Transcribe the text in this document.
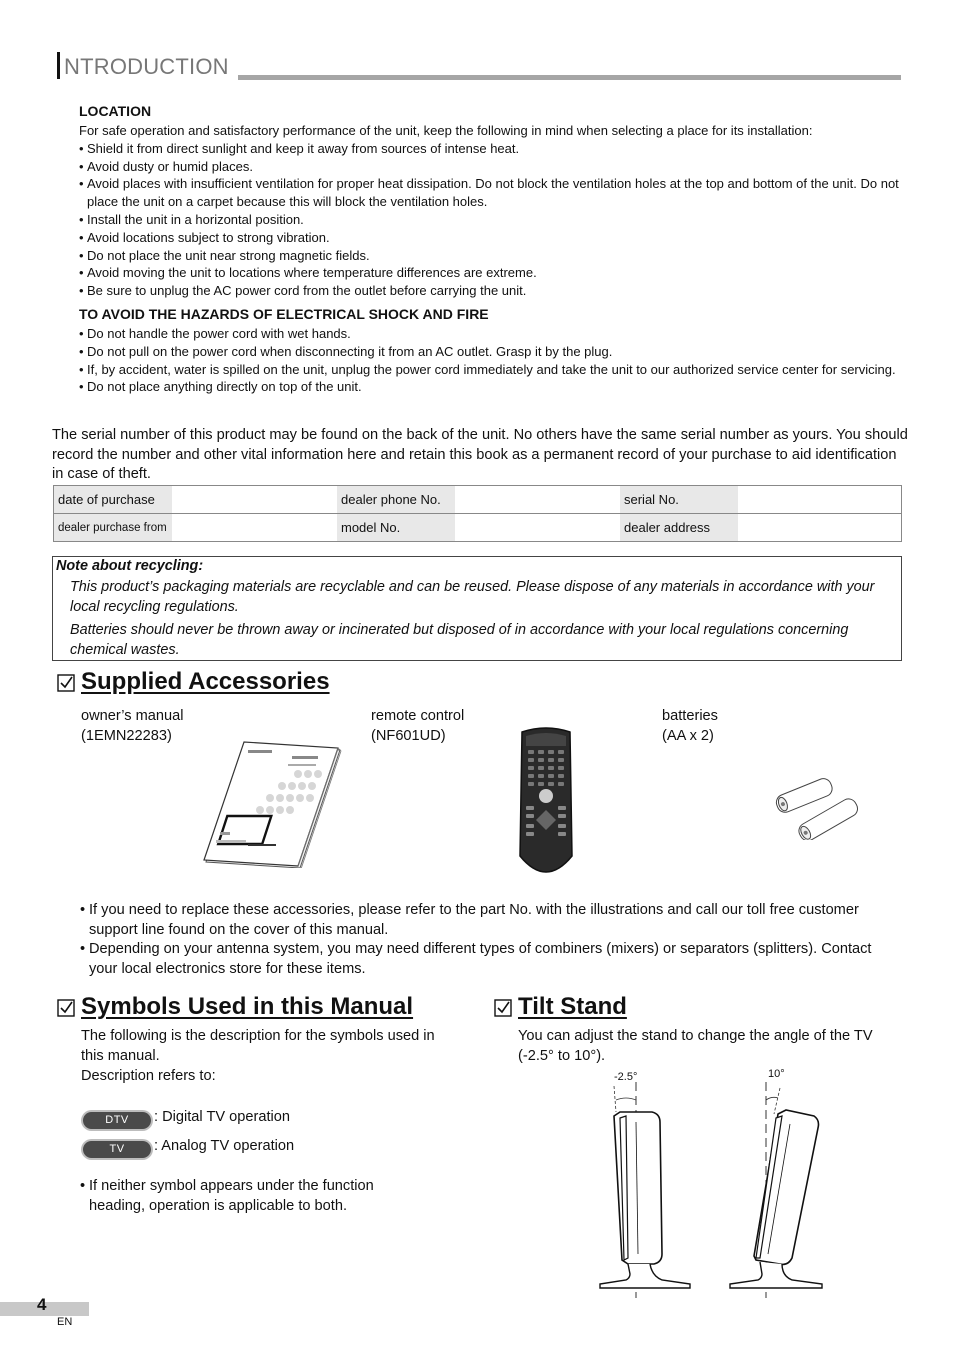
NTRODUCTION
LOCATION
For safe operation and satisfactory performance of the unit, keep the following in mind when selecting a place for its installation:
• Shield it from direct sunlight and keep it away from sources of intense heat.
• Avoid dusty or humid places.
• Avoid places with insufficient ventilation for proper heat dissipation. Do not block the ventilation holes at the top and bottom of the unit. Do not place the unit on a carpet because this will block the ventilation holes.
• Install the unit in a horizontal position.
• Avoid locations subject to strong vibration.
• Do not place the unit near strong magnetic fields.
• Avoid moving the unit to locations where temperature differences are extreme.
• Be sure to unplug the AC power cord from the outlet before carrying the unit.
TO AVOID THE HAZARDS OF ELECTRICAL SHOCK AND FIRE
• Do not handle the power cord with wet hands.
• Do not pull on the power cord when disconnecting it from an AC outlet. Grasp it by the plug.
• If, by accident, water is spilled on the unit, unplug the power cord immediately and take the unit to our authorized service center for servicing.
• Do not place anything directly on top of the unit.
The serial number of this product may be found on the back of the unit. No others have the same serial number as yours. You should record the number and other vital information here and retain this book as a permanent record of your purchase to aid identification in case of theft.
date of purchase		dealer phone No.		serial No.	
dealer purchase from		model No.		dealer address	
Note about recycling:

This product’s packaging materials are recyclable and can be reused. Please dispose of any materials in accordance with your local recycling regulations.

Batteries should never be thrown away or incinerated but disposed of in accordance with your local regulations concerning chemical wastes.

Supplied Accessories
owner’s manual
(1EMN22283)
remote control
(NF601UD)
batteries
(AA x 2)
• If you need to replace these accessories, please refer to the part No. with the illustrations and call our toll free customer support line found on the cover of this manual.
• Depending on your antenna system, you may need different types of combiners (mixers) or separators (splitters). Contact your local electronics store for these items.
Symbols Used in this Manual
The following is the description for the symbols used in this manual.
Description refers to:
DTV	: Digital TV operation
TV	: Analog TV operation
• If neither symbol appears under the function heading, operation is applicable to both.
Tilt Stand
You can adjust the stand to change the angle of the TV (-2.5° to 10°).
-2.5°	10°
4
EN
